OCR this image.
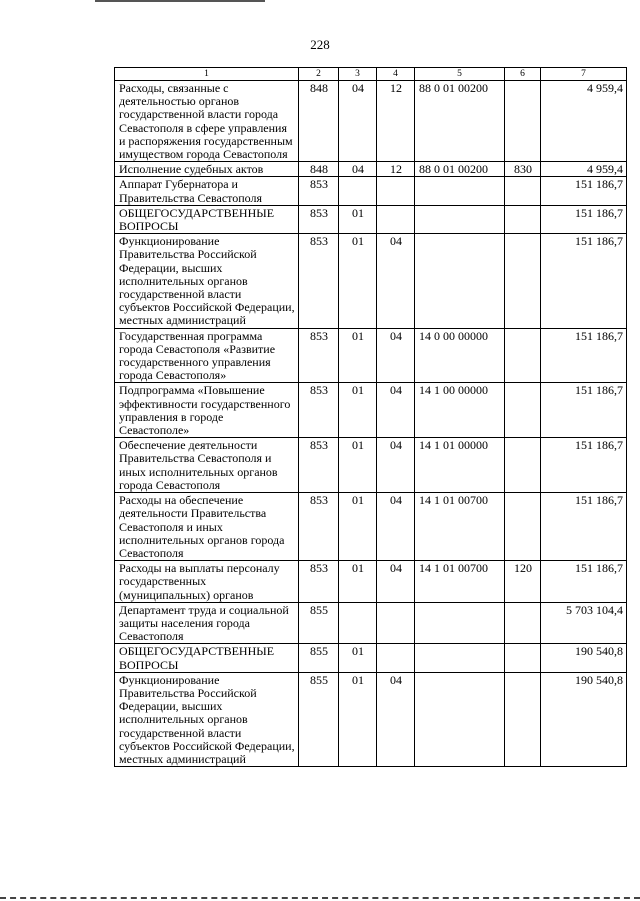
228
1	2	3	4	5	6	7
Расходы, связанные с деятельностью органов государственной власти города Севастополя в сфере управления и распоряжения государственным имуществом города Севастополя	848	04	12	88 0 01 00200		4 959,4
Исполнение судебных актов	848	04	12	88 0 01 00200	830	4 959,4
Аппарат Губернатора и Правительства Севастополя	853					151 186,7
ОБЩЕГОСУДАРСТВЕННЫЕ ВОПРОСЫ	853	01				151 186,7
Функционирование Правительства Российской Федерации, высших исполнительных органов государственной власти субъектов Российской Федерации, местных администраций	853	01	04			151 186,7
Государственная программа города Севастополя «Развитие государственного управления города Севастополя»	853	01	04	14 0 00 00000		151 186,7
Подпрограмма «Повышение эффективности государственного управления в городе Севастополе»	853	01	04	14 1 00 00000		151 186,7
Обеспечение деятельности Правительства Севастополя и иных исполнительных органов города Севастополя	853	01	04	14 1 01 00000		151 186,7
Расходы на обеспечение деятельности Правительства Севастополя и иных исполнительных органов города Севастополя	853	01	04	14 1 01 00700		151 186,7
Расходы на выплаты персоналу государственных (муниципальных) органов	853	01	04	14 1 01 00700	120	151 186,7
Департамент труда и социальной защиты населения города Севастополя	855					5 703 104,4
ОБЩЕГОСУДАРСТВЕННЫЕ ВОПРОСЫ	855	01				190 540,8
Функционирование Правительства Российской Федерации, высших исполнительных органов государственной власти субъектов Российской Федерации, местных администраций	855	01	04			190 540,8
